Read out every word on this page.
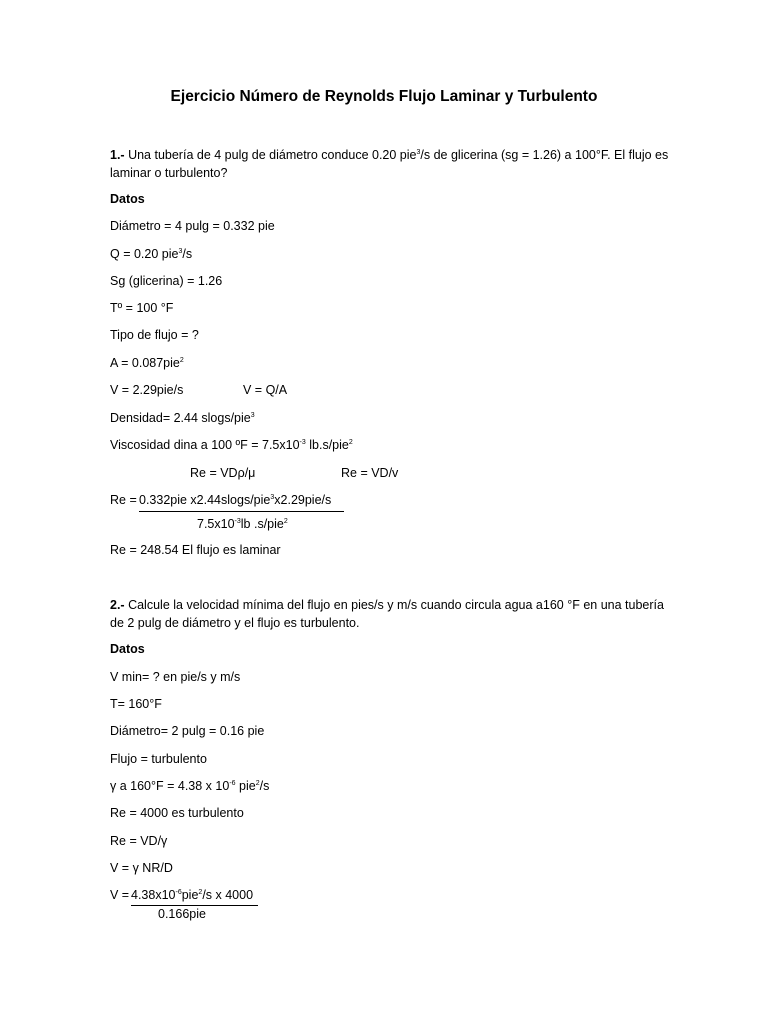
Ejercicio Número de Reynolds Flujo Laminar y Turbulento
1.- Una tubería de 4 pulg de diámetro conduce 0.20 pie$^3$/s de glicerina (sg = 1.26) a 100°F. El flujo es laminar o turbulento?
Datos
Diámetro = 4 pulg = 0.332 pie
Q = 0.20 pie$^3$/s
Sg (glicerina) = 1.26
Tº = 100 °F
Tipo de flujo = ?
A = 0.087pie$^2$
V = 2.29pie/s	V = Q/A
Densidad= 2.44 slogs/pie$^3$
Viscosidad dina a 100 ºF = $7.5x10^{-3}$ lb.s/pie$^2$
Re = VDρ/μ	Re = VD/v
Re = 0.332pie x2.44slogs/pie$^3$x2.29pie/s
$7.5x10^{-3}lb$ .s/pie$^2$
Re = 248.54 El flujo es laminar
2.- Calcule la velocidad mínima del flujo en pies/s y m/s cuando circula agua a160 °F en una tubería de 2 pulg de diámetro y el flujo es turbulento.
Datos
V min= ? en pie/s y m/s
T= 160°F
Diámetro= 2 pulg = 0.16 pie
Flujo = turbulento
γ a 160°F = 4.38 x $10^{-6}$ pie$^2$/s
Re = 4000 es turbulento
Re = VD/γ
V = γ NR/D
$V = 4.38x10^{-6}pie^2/s$ x 4000
0.166pie
